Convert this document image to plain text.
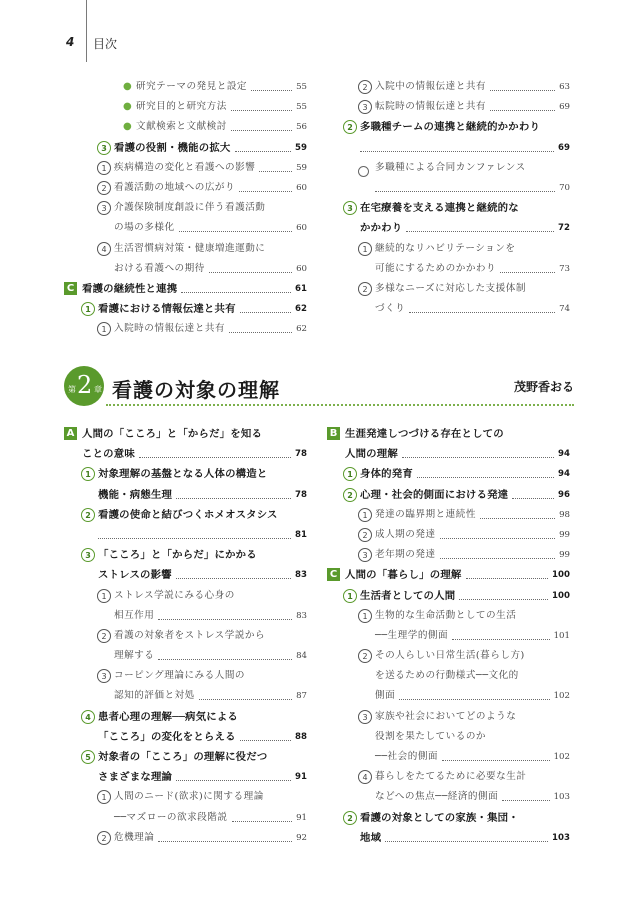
4 目次
● 研究テーマの発見と設定	55
● 研究目的と研究方法	55
● 文献検索と文献検討	56
3 看護の役割・機能の拡大	59
1 疾病構造の変化と看護への影響	59
2 看護活動の地域への広がり	60
3 介護保険制度創設に伴う看護活動
の場の多様化	60
4 生活習慣病対策・健康増進運動に
おける看護への期待	60
C 看護の継続性と連携	61
1 看護における情報伝達と共有	62
1 入院時の情報伝達と共有	62
2 入院中の情報伝達と共有	63
3 転院時の情報伝達と共有	69
2 多職種チームの連携と継続的かかわり
69
多職種による合同カンファレンス
70
3 在宅療養を支える連携と継続的な
かかわり	72
1 継続的なリハビリテーションを
可能にするためのかかわり	73
2 多様なニーズに対応した支援体制
づくり	74
第 2 章 看護の対象の理解	茂野香おる
A 人間の「こころ」と「からだ」を知る
ことの意味	78
1 対象理解の基盤となる人体の構造と
機能・病態生理	78
2 看護の使命と結びつくホメオスタシス
81
3 「こころ」と「からだ」にかかる
ストレスの影響	83
1 ストレス学説にみる心身の
相互作用	83
2 看護の対象者をストレス学説から
理解する	84
3 コーピング理論にみる人間の
認知的評価と対処	87
4 患者心理の理解──病気による
「こころ」の変化をとらえる	88
5 対象者の「こころ」の理解に役だつ
さまざまな理論	91
1 人間のニード(欲求)に関する理論
──マズローの欲求段階説	91
2 危機理論	92
B 生涯発達しつづける存在としての
人間の理解	94
1 身体的発育	94
2 心理・社会的側面における発達	96
1 発達の臨界期と連続性	98
2 成人期の発達	99
3 老年期の発達	99
C 人間の「暮らし」の理解	100
1 生活者としての人間	100
1 生物的な生命活動としての生活
──生理学的側面	101
2 その人らしい日常生活(暮らし方)
を送るための行動様式──文化的
側面	102
3 家族や社会においてどのような
役割を果たしているのか
──社会的側面	102
4 暮らしをたてるために必要な生計
などへの焦点──経済的側面	103
2 看護の対象としての家族・集団・
地域	103
